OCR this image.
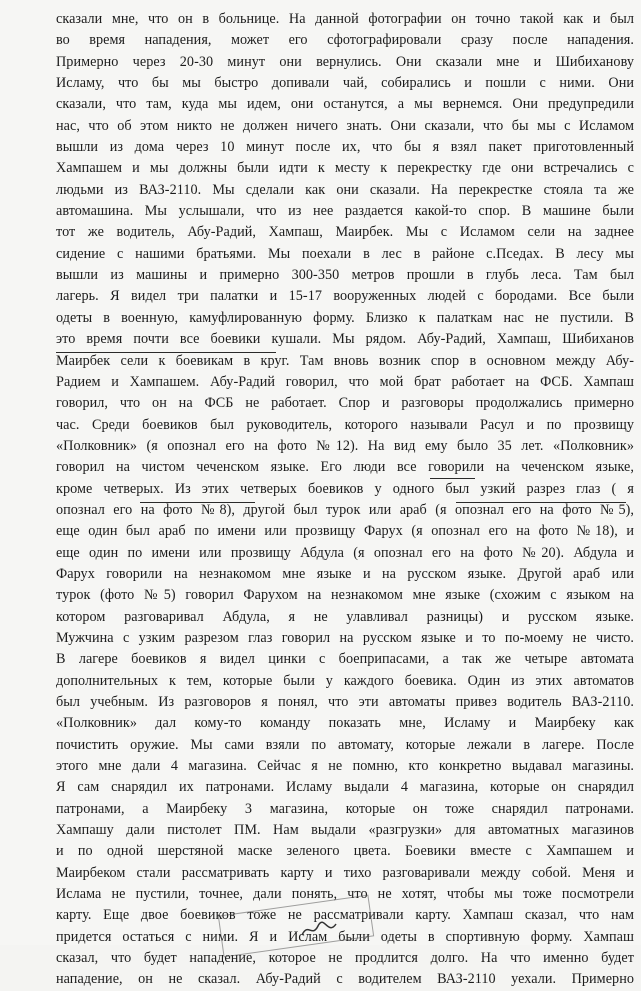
сказали мне, что он в больнице. На данной фотографии он точно такой как и был
во время нападения, может его сфотографировали сразу после нападения.
Примерно через 20-30 минут они вернулись. Они сказали мне и Шибиханову
Исламу, что бы мы быстро допивали чай, собирались и пошли с ними. Они
сказали, что там, куда мы идем, они останутся, а мы вернемся. Они предупредили
нас, что об этом никто не должен ничего знать. Они сказали, что бы мы с Исламом
вышли из дома через 10 минут после их, что бы я взял пакет приготовленный
Хампашем и мы должны были идти к месту к перекрестку где они встречались с
людьми из ВАЗ-2110. Мы сделали как они сказали. На перекрестке стояла та же
автомашина. Мы услышали, что из нее раздается какой-то спор. В машине были
тот же водитель, Абу-Радий, Хампаш, Маирбек. Мы с Исламом сели на заднее
сидение с нашими братьями. Мы поехали в лес в районе с.Пседах. В лесу мы
вышли из машины и примерно 300-350 метров прошли в глубь леса. Там был
лагерь. Я видел три палатки и 15-17 вооруженных людей с бородами. Все были
одеты в военную, камуфлированную форму. Близко к палаткам нас не пустили. В
это время почти все боевики кушали. Мы рядом. Абу-Радий, Хампаш, Шибиханов
Маирбек сели к боевикам в круг. Там вновь возник спор в основном между Абу-
Радием и Хампашем. Абу-Радий говорил, что мой брат работает на ФСБ. Хампаш
говорил, что он на ФСБ не работает. Спор и разговоры продолжались примерно
час. Среди боевиков был руководитель, которого называли Расул и по прозвищу
«Полковник» (я опознал его на фото №12). На вид ему было 35 лет. «Полковник»
говорил на чистом чеченском языке. Его люди все говорили на чеченском языке,
кроме четверых. Из этих четверых боевиков у одного был узкий разрез глаз ( я
опознал его на фото №8), другой был турок или араб (я опознал его на фото №5),
еще один был араб по имени или прозвищу Фарух (я опознал его на фото №18), и
еще один по имени или прозвищу Абдула (я опознал его на фото №20). Абдула и
Фарух говорили на незнакомом мне языке и на русском языке. Другой араб или
турок (фото №5) говорил Фарухом на незнакомом мне языке (схожим с языком на
котором разговаривал Абдула, я не улавливал разницы) и русском языке.
Мужчина с узким разрезом глаз говорил на русском языке и то по-моему не чисто.
В лагере боевиков я видел цинки с боеприпасами, а так же четыре автомата
дополнительных к тем, которые были у каждого боевика. Один из этих автоматов
был учебным. Из разговоров я понял, что эти автоматы привез водитель ВАЗ-2110.
«Полковник» дал кому-то команду показать мне, Исламу и Маирбеку как
почистить оружие. Мы сами взяли по автомату, которые лежали в лагере. После
этого мне дали 4 магазина. Сейчас я не помню, кто конкретно выдавал магазины.
Я сам снарядил их патронами. Исламу выдали 4 магазина, которые он снарядил
патронами, а Маирбеку 3 магазина, которые он тоже снарядил патронами.
Хампашу дали пистолет ПМ. Нам выдали «разгрузки» для автоматных магазинов
и по одной шерстяной маске зеленого цвета. Боевики вместе с Хампашем и
Маирбеком стали рассматривать карту и тихо разговаривали между собой. Меня и
Ислама не пустили, точнее, дали понять, что не хотят, чтобы мы тоже посмотрели
карту. Еще двое боевиков тоже не рассматривали карту. Хампаш сказал, что нам
придется остаться с ними. Я и Ислам были одеты в спортивную форму. Хампаш
сказал, что будет нападение, которое не продлится долго. На что именно будет
нападение, он не сказал. Абу-Радий с водителем ВАЗ-2110 уехали. Примерно
